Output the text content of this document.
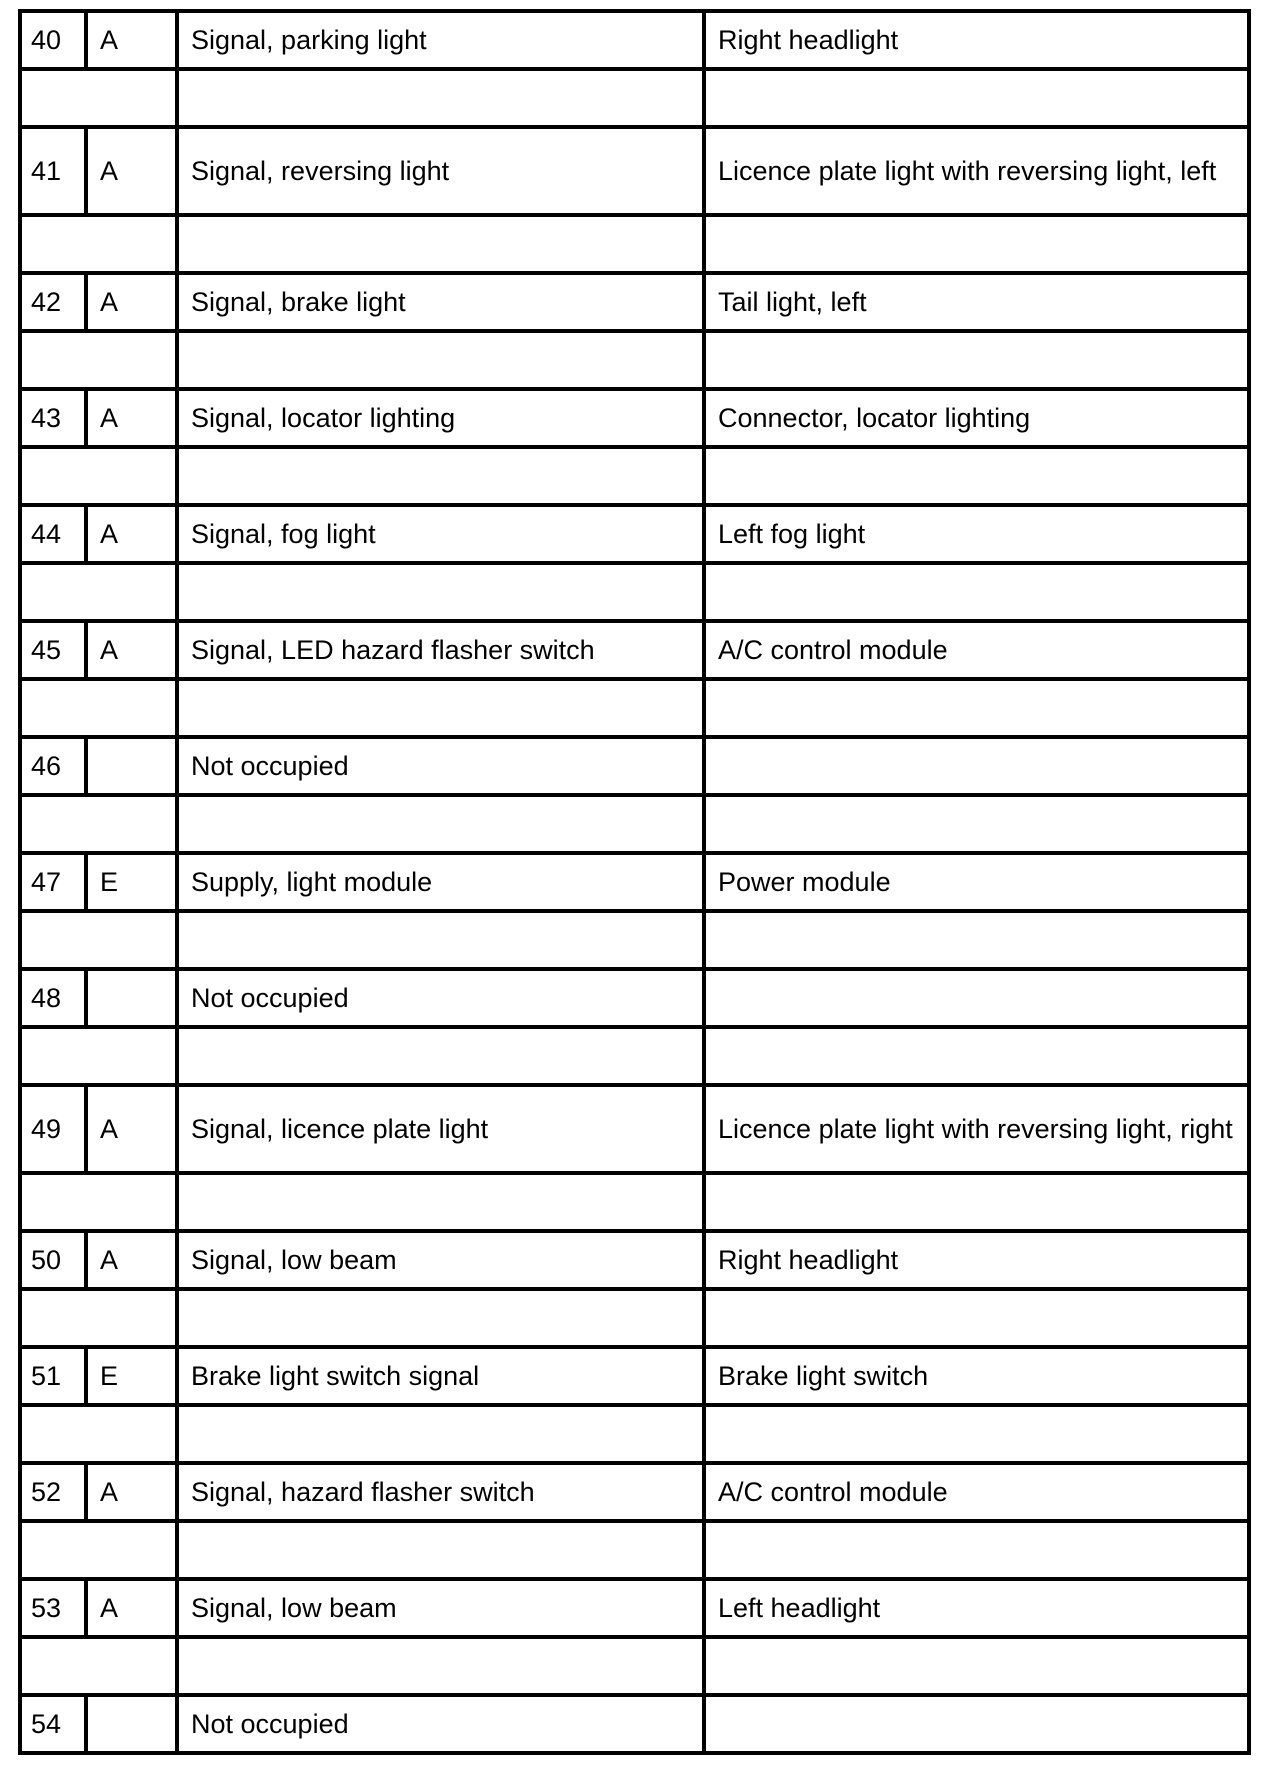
40	A	Signal, parking light	Right headlight

41	A	Signal, reversing light	Licence plate light with reversing light, left

42	A	Signal, brake light	Tail light, left

43	A	Signal, locator lighting	Connector, locator lighting

44	A	Signal, fog light	Left fog light

45	A	Signal, LED hazard flasher switch	A/C control module

46		Not occupied	

47	E	Supply, light module	Power module

48		Not occupied	

49	A	Signal, licence plate light	Licence plate light with reversing light, right

50	A	Signal, low beam	Right headlight

51	E	Brake light switch signal	Brake light switch

52	A	Signal, hazard flasher switch	A/C control module

53	A	Signal, low beam	Left headlight

54		Not occupied	
